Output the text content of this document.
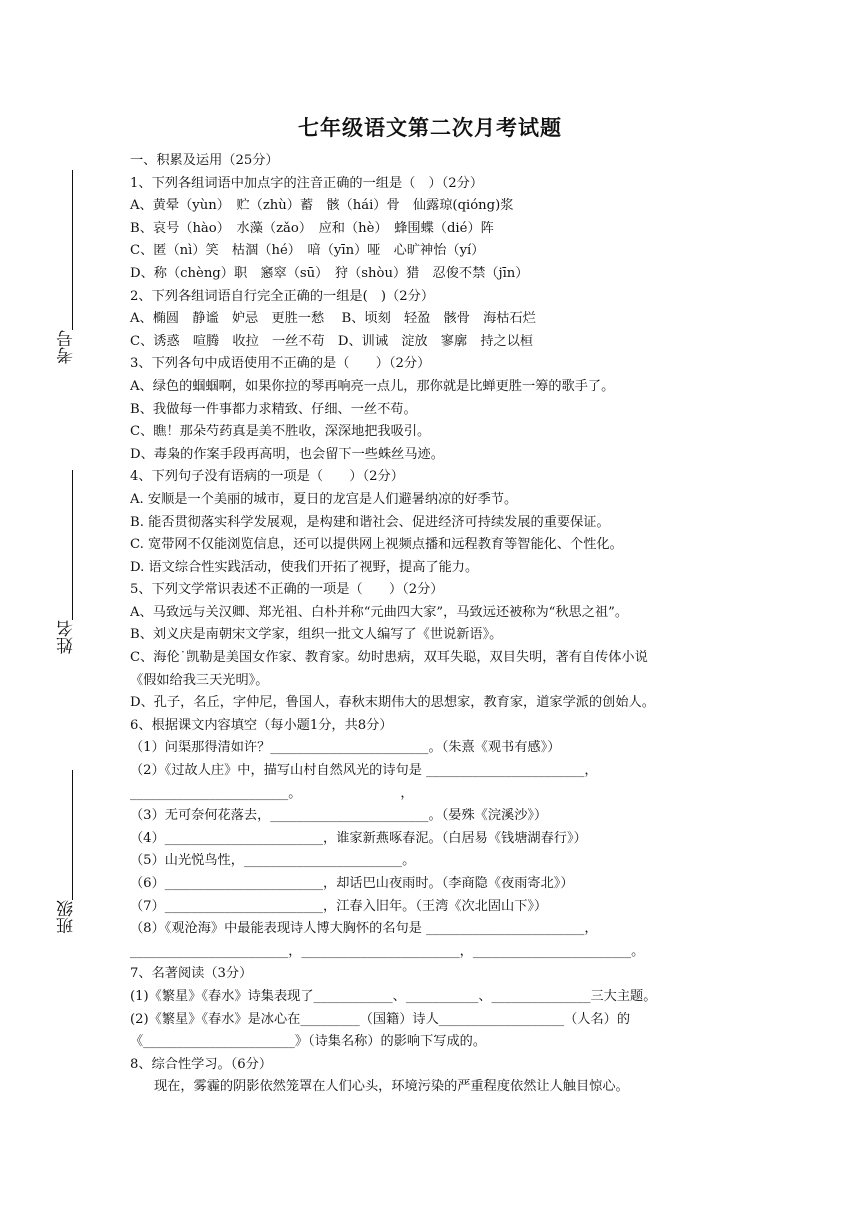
七年级语文第二次月考试题
考号
姓名
班级
一、积累及运用（25分）
1、下列各组词语中加点字的注音正确的一组是（　）（2分）
A、黄晕（yùn）　贮（zhù）蓄　骸（hái）骨　仙露琼(qióng)浆
B、哀号（hào）　水藻（zǎo）　应和（hè）　蜂围蝶（dié）阵
C、匿（nì）笑　枯涸（hé）　喑（yīn）哑　心旷神怡（yí）
D、称（chèng）职　窸窣（sū）　狩（shòu）猎　忍俊不禁（jīn）
2、下列各组词语自行完全正确的一组是(　)（2分）
A、椭圆　静谧　妒忌　更胜一愁　 B、顷刻　轻盈　骸骨　海枯石烂
C、诱惑　喧腾　收拉　一丝不苟　D、训诫　淀放　寥廓　持之以桓
3、下列各句中成语使用不正确的是（　　）（2分）
A、绿色的蝈蝈啊，如果你拉的琴再响亮一点儿，那你就是比蝉更胜一筹的歌手了。
B、我做每一件事都力求精致、仔细、一丝不苟。
C、瞧！那朵芍药真是美不胜收，深深地把我吸引。
D、毒枭的作案手段再高明，也会留下一些蛛丝马迹。
4、下列句子没有语病的一项是（　　）（2分）
A. 安顺是一个美丽的城市，夏日的龙宫是人们避暑纳凉的好季节。
B. 能否贯彻落实科学发展观，是构建和谐社会、促进经济可持续发展的重要保证。
C. 宽带网不仅能浏览信息，还可以提供网上视频点播和远程教育等智能化、个性化。
D. 语文综合性实践活动，使我们开拓了视野，提高了能力。
5、下列文学常识表述不正确的一项是（　　）（2分）
A、马致远与关汉卿、郑光祖、白朴并称“元曲四大家”，马致远还被称为“秋思之祖”。
B、刘义庆是南朝宋文学家，组织一批文人编写了《世说新语》。
C、海伦˙凯勒是美国女作家、教育家。幼时患病，双耳失聪，双目失明，著有自传体小说
《假如给我三天光明》。
D、孔子，名丘，字仲尼，鲁国人，春秋末期伟大的思想家，教育家，道家学派的创始人。
6、根据课文内容填空（每小题1分，共8分）
（1）问渠那得清如许？________________________。（朱熹《观书有感》）
（2）《过故人庄》中，描写山村自然风光的诗句是 ________________________，
________________________。　　　　　　　　，
（3）无可奈何花落去，________________________。（晏殊《浣溪沙》）
（4）________________________，谁家新燕啄春泥。（白居易《钱塘湖春行》）
（5）山光悦鸟性，________________________。
（6）________________________，却话巴山夜雨时。（李商隐《夜雨寄北》）
（7）________________________，江春入旧年。（王湾《次北固山下》）
（8）《观沧海》中最能表现诗人博大胸怀的名句是 ________________________，
________________________，________________________，________________________。
7、名著阅读（3分）
(1)《繁星》《春水》诗集表现了____________、___________、_______________三大主题。
(2)《繁星》《春水》是冰心在_________（国籍）诗人___________________（人名）的
《_______________________》（诗集名称）的影响下写成的。
8、综合性学习。（6分）
现在，雾霾的阴影依然笼罩在人们心头，环境污染的严重程度依然让人触目惊心。
